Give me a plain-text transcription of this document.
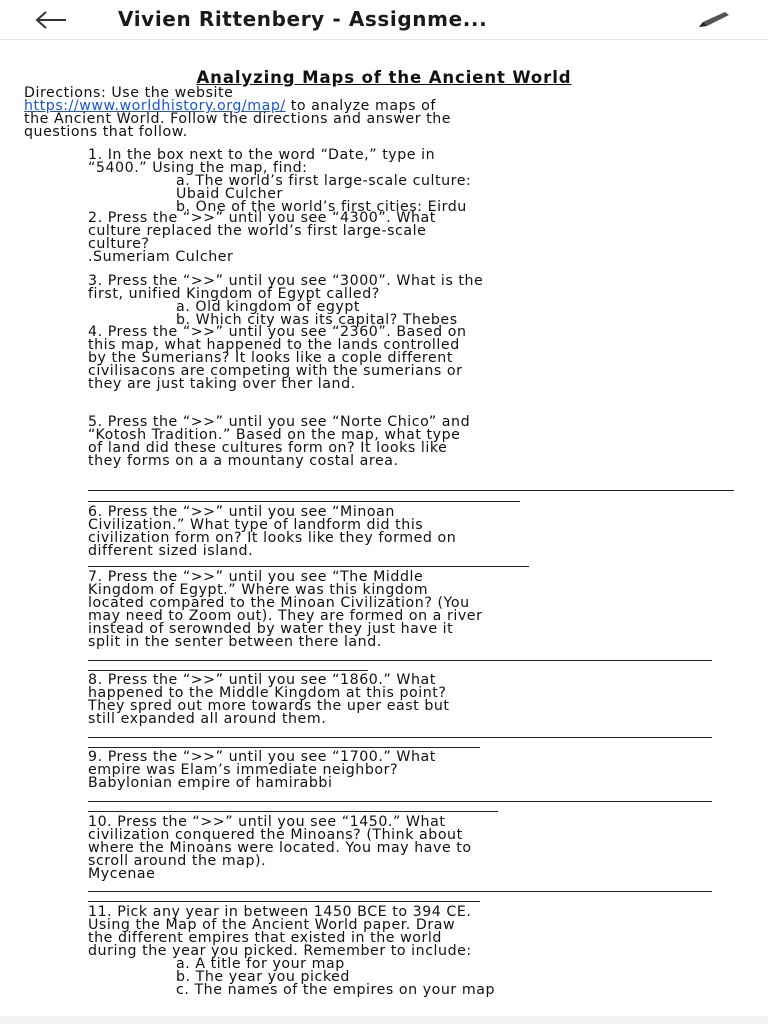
Vivien Rittenbery - Assignme...
Analyzing Maps of the Ancient World
Directions: Use the website
https://www.worldhistory.org/map/ to analyze maps of
the Ancient World. Follow the directions and answer the
questions that follow.
1. In the box next to the word “Date,” type in
“5400.” Using the map, find:
a. The world’s first large-scale culture:
Ubaid Culcher
b. One of the world’s first cities: Eirdu
2. Press the “>>” until you see “4300”. What
culture replaced the world’s first large-scale
culture?
.Sumeriam Culcher
3. Press the “>>” until you see “3000”. What is the
first, unified Kingdom of Egypt called?
a. Old kingdom of egypt
b. Which city was its capital? Thebes
4. Press the “>>” until you see “2360”. Based on
this map, what happened to the lands controlled
by the Sumerians? It looks like a cople different
civilisacons are competing with the sumerians or
they are just taking over ther land.
5. Press the “>>” until you see “Norte Chico” and
“Kotosh Tradition.” Based on the map, what type
of land did these cultures form on? It looks like
they forms on a a mountany costal area.
6. Press the “>>” until you see “Minoan
Civilization.” What type of landform did this
civilization form on? It looks like they formed on
different sized island.
7. Press the “>>” until you see “The Middle
Kingdom of Egypt.” Where was this kingdom
located compared to the Minoan Civilization? (You
may need to Zoom out). They are formed on a river
instead of serownded by water they just have it
split in the senter between there land.
8. Press the “>>” until you see “1860.” What
happened to the Middle Kingdom at this point?
They spred out more towards the uper east but
still expanded all around them.
9. Press the “>>” until you see “1700.” What
empire was Elam’s immediate neighbor?
Babylonian empire of hamirabbi
10. Press the “>>” until you see “1450.” What
civilization conquered the Minoans? (Think about
where the Minoans were located. You may have to
scroll around the map).
Mycenae
11. Pick any year in between 1450 BCE to 394 CE.
Using the Map of the Ancient World paper. Draw
the different empires that existed in the world
during the year you picked. Remember to include:
a. A title for your map
b. The year you picked
c. The names of the empires on your map
